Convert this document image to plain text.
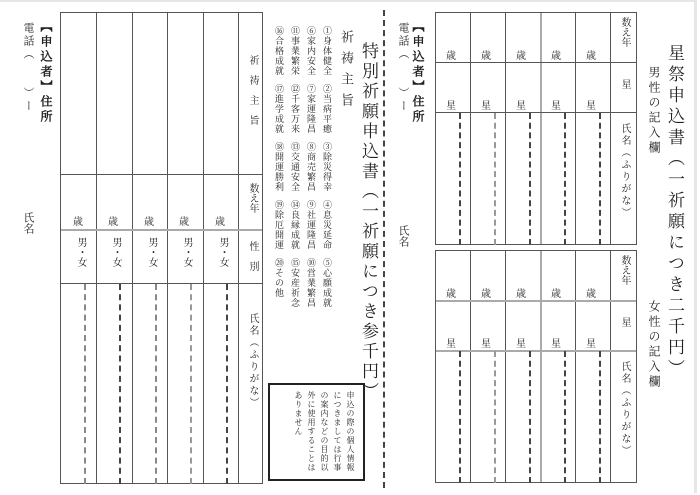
星祭申込書（一祈願につき二千円）
男性の記入欄
女性の記入欄
【申込者】住所
電話（　　）ー
氏名
数え年
星
氏名（ふりがな）
歳	歳	歳	歳	歳
星	星	星	星	星
数え年
星
氏名（ふりがな）
歳	歳	歳	歳	歳
星	星	星	星	星
特別祈願申込書（一祈願につき参千円）
祈祷主旨
①身体健全②当病平癒③除災得幸④息災延命⑤心願成就
⑥家内安全⑦家運隆昌⑧商売繁昌⑨社運隆昌⑩営業繁昌
⑪事業繁栄⑫千客万来⑬交通安全⑭良縁成就⑮安産祈念
⑯合格成就⑰進学成就⑱開運勝利⑲除厄開運⑳その他
申込の際の個人情報
につきましては行事
の案内などの目的以
外に使用することは
ありません
【申込者】住所
電話（　　）ー
氏名
祈祷主旨
数え年
性別
氏名（ふりがな）
歳	歳	歳	歳	歳
男・女 男・女	男・女 男・女	男・女
